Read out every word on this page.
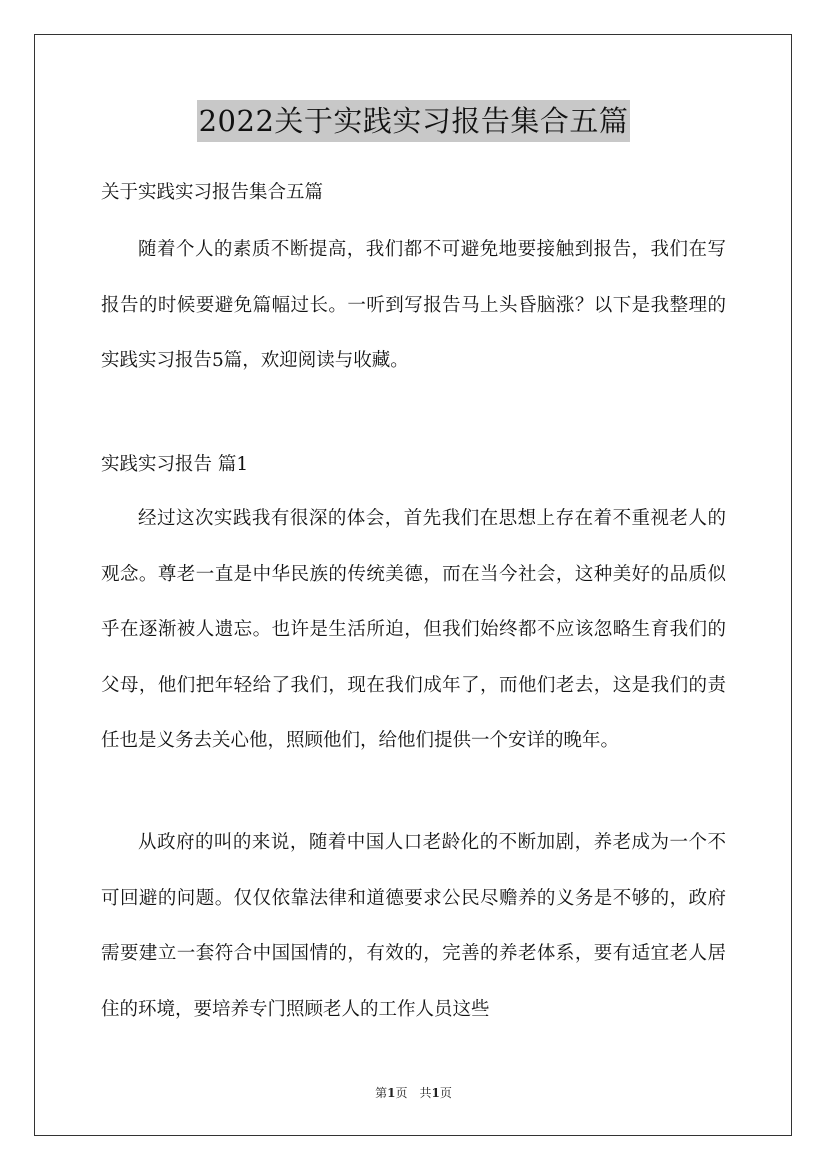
2022关于实践实习报告集合五篇
关于实践实习报告集合五篇
随着个人的素质不断提高，我们都不可避免地要接触到报告，我们在写报告的时候要避免篇幅过长。一听到写报告马上头昏脑涨？以下是我整理的实践实习报告5篇，欢迎阅读与收藏。
实践实习报告 篇1
经过这次实践我有很深的体会，首先我们在思想上存在着不重视老人的观念。尊老一直是中华民族的传统美德，而在当今社会，这种美好的品质似乎在逐渐被人遗忘。也许是生活所迫，但我们始终都不应该忽略生育我们的父母，他们把年轻给了我们，现在我们成年了，而他们老去，这是我们的责任也是义务去关心他，照顾他们，给他们提供一个安详的晚年。
从政府的叫的来说，随着中国人口老龄化的不断加剧，养老成为一个不可回避的问题。仅仅依靠法律和道德要求公民尽赡养的义务是不够的，政府需要建立一套符合中国国情的，有效的，完善的养老体系，要有适宜老人居住的环境，要培养专门照顾老人的工作人员这些
第1页　共1页
